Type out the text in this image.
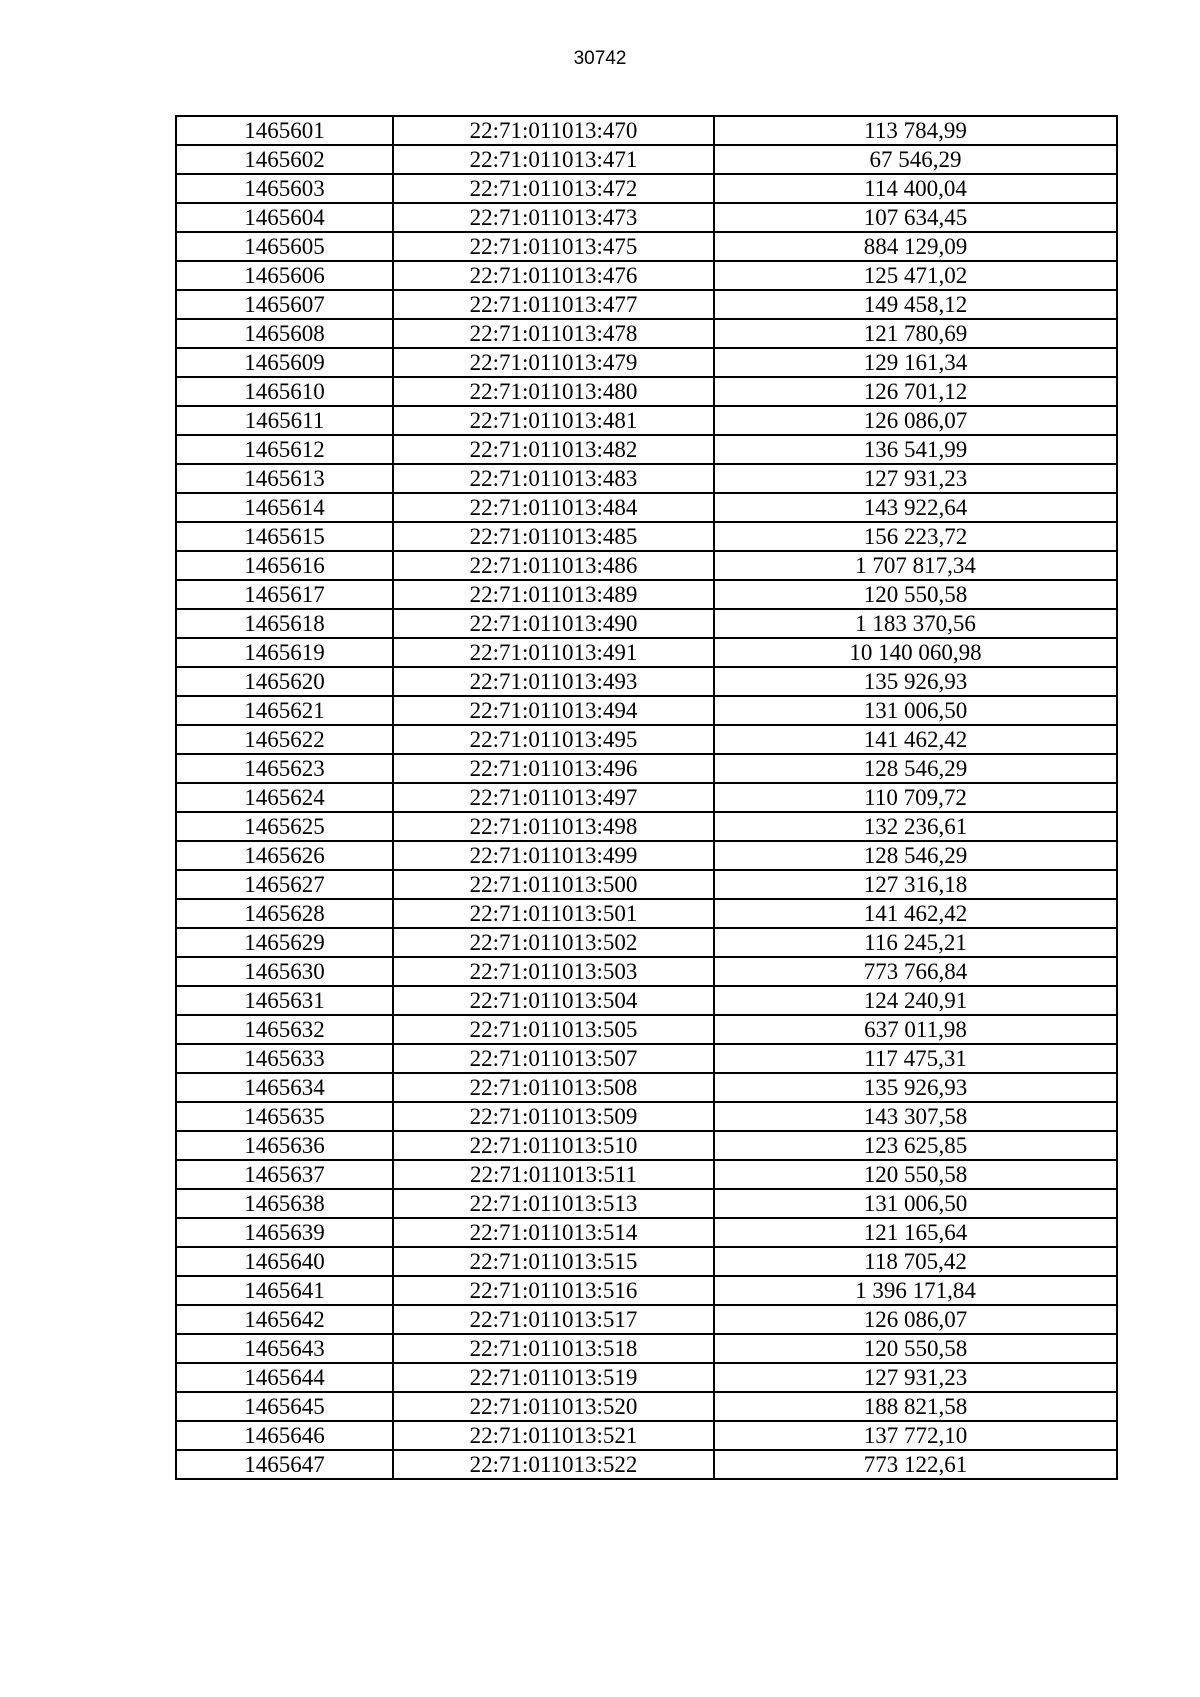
30742
1465601	22:71:011013:470	113 784,99
1465602	22:71:011013:471	67 546,29
1465603	22:71:011013:472	114 400,04
1465604	22:71:011013:473	107 634,45
1465605	22:71:011013:475	884 129,09
1465606	22:71:011013:476	125 471,02
1465607	22:71:011013:477	149 458,12
1465608	22:71:011013:478	121 780,69
1465609	22:71:011013:479	129 161,34
1465610	22:71:011013:480	126 701,12
1465611	22:71:011013:481	126 086,07
1465612	22:71:011013:482	136 541,99
1465613	22:71:011013:483	127 931,23
1465614	22:71:011013:484	143 922,64
1465615	22:71:011013:485	156 223,72
1465616	22:71:011013:486	1 707 817,34
1465617	22:71:011013:489	120 550,58
1465618	22:71:011013:490	1 183 370,56
1465619	22:71:011013:491	10 140 060,98
1465620	22:71:011013:493	135 926,93
1465621	22:71:011013:494	131 006,50
1465622	22:71:011013:495	141 462,42
1465623	22:71:011013:496	128 546,29
1465624	22:71:011013:497	110 709,72
1465625	22:71:011013:498	132 236,61
1465626	22:71:011013:499	128 546,29
1465627	22:71:011013:500	127 316,18
1465628	22:71:011013:501	141 462,42
1465629	22:71:011013:502	116 245,21
1465630	22:71:011013:503	773 766,84
1465631	22:71:011013:504	124 240,91
1465632	22:71:011013:505	637 011,98
1465633	22:71:011013:507	117 475,31
1465634	22:71:011013:508	135 926,93
1465635	22:71:011013:509	143 307,58
1465636	22:71:011013:510	123 625,85
1465637	22:71:011013:511	120 550,58
1465638	22:71:011013:513	131 006,50
1465639	22:71:011013:514	121 165,64
1465640	22:71:011013:515	118 705,42
1465641	22:71:011013:516	1 396 171,84
1465642	22:71:011013:517	126 086,07
1465643	22:71:011013:518	120 550,58
1465644	22:71:011013:519	127 931,23
1465645	22:71:011013:520	188 821,58
1465646	22:71:011013:521	137 772,10
1465647	22:71:011013:522	773 122,61
